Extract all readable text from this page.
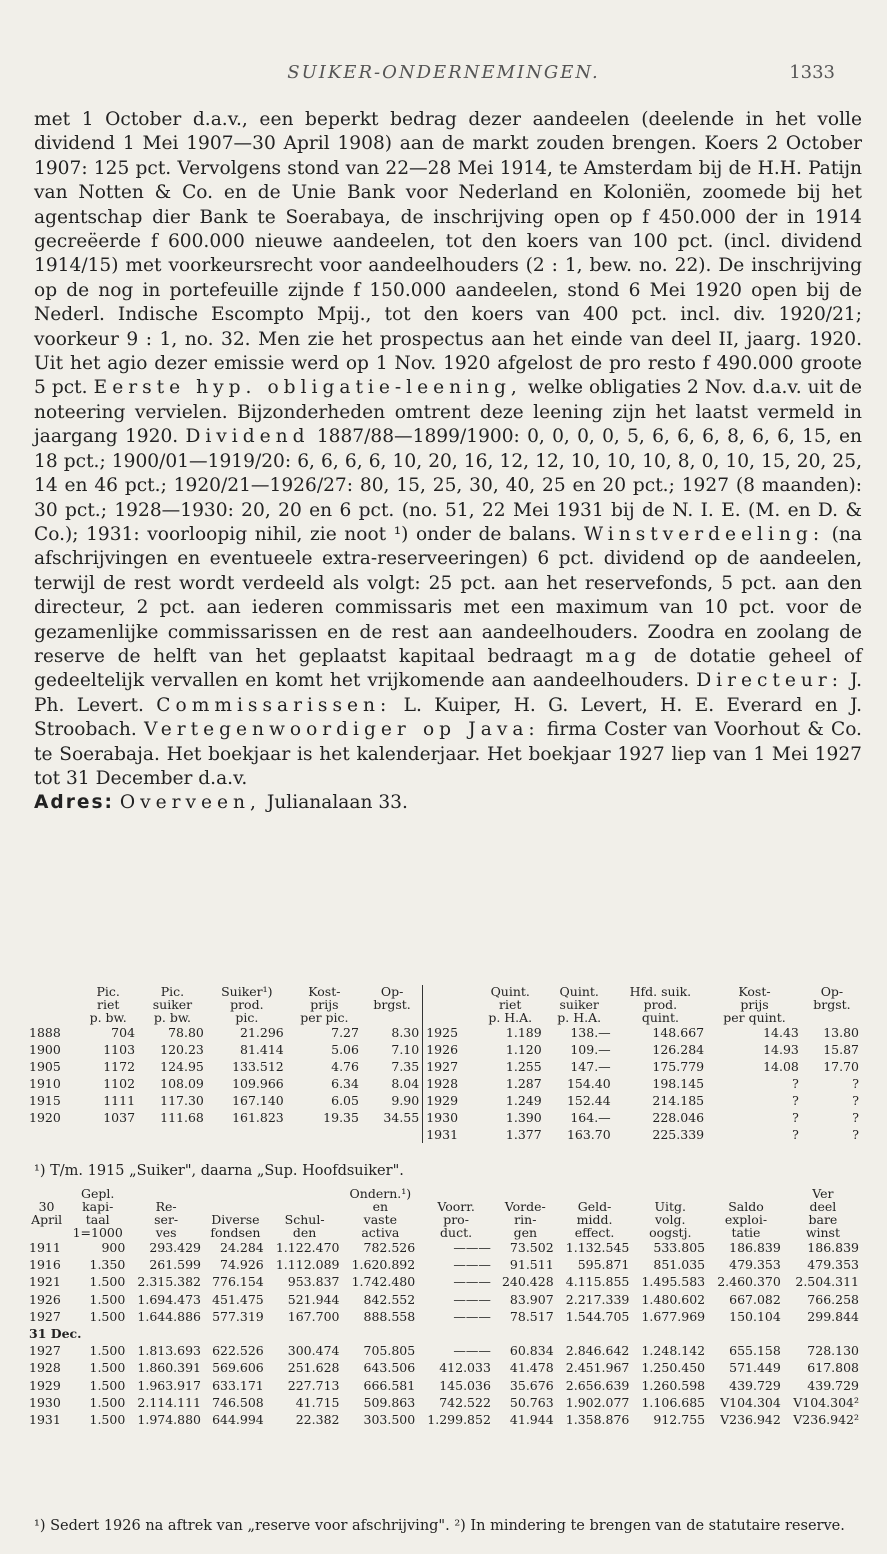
SUIKER-ONDERNEMINGEN.	1333

met 1 October d.a.v., een beperkt bedrag dezer aandeelen (deelende in het volle dividend 1 Mei 1907—30 April 1908) aan de markt zouden brengen. Koers 2 October 1907: 125 pct. Vervolgens stond van 22—28 Mei 1914, te Amsterdam bij de H.H. Patijn van Notten & Co. en de Unie Bank voor Nederland en Koloniën, zoomede bij het agentschap dier Bank te Soerabaya, de inschrijving open op f 450.000 der in 1914 gecreëerde f 600.000 nieuwe aandeelen, tot den koers van 100 pct. (incl. dividend 1914/15) met voorkeursrecht voor aandeelhouders (2 : 1, bew. no. 22). De inschrijving op de nog in portefeuille zijnde f 150.000 aandeelen, stond 6 Mei 1920 open bij de Nederl. Indische Escompto Mpij., tot den koers van 400 pct. incl. div. 1920/21; voorkeur 9 : 1, no. 32. Men zie het prospectus aan het einde van deel II, jaarg. 1920. Uit het agio dezer emissie werd op 1 Nov. 1920 afgelost de pro resto f 490.000 groote 5 pct. Eerste hyp. obligatie-leening, welke obligaties 2 Nov. d.a.v. uit de noteering vervielen. Bijzonderheden omtrent deze leening zijn het laatst vermeld in jaargang 1920. Dividend 1887/88—1899/1900: 0, 0, 0, 0, 5, 6, 6, 6, 8, 6, 6, 15, en 18 pct.; 1900/01—1919/20: 6, 6, 6, 6, 10, 20, 16, 12, 12, 10, 10, 10, 8, 0, 10, 15, 20, 25, 14 en 46 pct.; 1920/21—1926/27: 80, 15, 25, 30, 40, 25 en 20 pct.; 1927 (8 maanden): 30 pct.; 1928—1930: 20, 20 en 6 pct. (no. 51, 22 Mei 1931 bij de N. I. E. (M. en D. & Co.); 1931: voorloopig nihil, zie noot ¹) onder de balans. Winstverdeeling: (na afschrijvingen en eventueele extra-reserveeringen) 6 pct. dividend op de aandeelen, terwijl de rest wordt verdeeld als volgt: 25 pct. aan het reservefonds, 5 pct. aan den directeur, 2 pct. aan iederen commissaris met een maximum van 10 pct. voor de gezamenlijke commissarissen en de rest aan aandeelhouders. Zoodra en zoolang de reserve de helft van het geplaatst kapitaal bedraagt mag de dotatie geheel of gedeeltelijk vervallen en komt het vrijkomende aan aandeelhouders. Directeur: J. Ph. Levert. Commissarissen: L. Kuiper, H. G. Levert, H. E. Everard en J. Stroobach. Vertegenwoordiger op Java: firma Coster van Voorhout & Co. te Soerabaja. Het boekjaar is het kalenderjaar. Het boekjaar 1927 liep van 1 Mei 1927 tot 31 December d.a.v.

Adres: Overveen, Julianalaan 33.

	Pic.	Pic.	Suiker¹)	Kost-	Op-		Quint.	Quint.	Hfd. suik.	Kost-	Op-
	riet	suiker	prod.	prijs	brgst.		riet	suiker	prod.	prijs	brgst.
	p. bw.	p. bw.	pic.	per pic.			p. H.A.	p. H.A.	quint.	per quint.	
1888	704	78.80	21.296	7.27	8.30	1925	1.189	138.—	148.667	14.43	13.80
1900	1103	120.23	81.414	5.06	7.10	1926	1.120	109.—	126.284	14.93	15.87
1905	1172	124.95	133.512	4.76	7.35	1927	1.255	147.—	175.779	14.08	17.70
1910	1102	108.09	109.966	6.34	8.04	1928	1.287	154.40	198.145	?	?
1915	1111	117.30	167.140	6.05	9.90	1929	1.249	152.44	214.185	?	?
1920	1037	111.68	161.823	19.35	34.55	1930	1.390	164.—	228.046	?	?
						1931	1.377	163.70	225.339	?	?
¹) T/m. 1915 „Suiker", daarna „Sup. Hoofdsuiker".
	Gepl.				Ondern.¹)						Ver
30	kapi-	Re-			en	Voorr.	Vorde-	Geld-	Uitg.	Saldo	deel
April	taal	ser-	Diverse	Schul-	vaste	pro-	rin-	midd.	volg.	exploi-	bare
	1=1000	ves	fondsen	den	activa	duct.	gen	effect.	oogstj.	tatie	winst
1911	900	293.429	24.284	1.122.470	782.526	———	73.502	1.132.545	533.805	186.839	186.839
1916	1.350	261.599	74.926	1.112.089	1.620.892	———	91.511	595.871	851.035	479.353	479.353
1921	1.500	2.315.382	776.154	953.837	1.742.480	———	240.428	4.115.855	1.495.583	2.460.370	2.504.311
1926	1.500	1.694.473	451.475	521.944	842.552	———	83.907	2.217.339	1.480.602	667.082	766.258
1927	1.500	1.644.886	577.319	167.700	888.558	———	78.517	1.544.705	1.677.969	150.104	299.844
31 Dec.											
1927	1.500	1.813.693	622.526	300.474	705.805	———	60.834	2.846.642	1.248.142	655.158	728.130
1928	1.500	1.860.391	569.606	251.628	643.506	412.033	41.478	2.451.967	1.250.450	571.449	617.808
1929	1.500	1.963.917	633.171	227.713	666.581	145.036	35.676	2.656.639	1.260.598	439.729	439.729
1930	1.500	2.114.111	746.508	41.715	509.863	742.522	50.763	1.902.077	1.106.685	V104.304	V104.304²
1931	1.500	1.974.880	644.994	22.382	303.500	1.299.852	41.944	1.358.876	912.755	V236.942	V236.942²
¹) Sedert 1926 na aftrek van „reserve voor afschrijving". ²) In mindering te brengen van de statutaire reserve.
